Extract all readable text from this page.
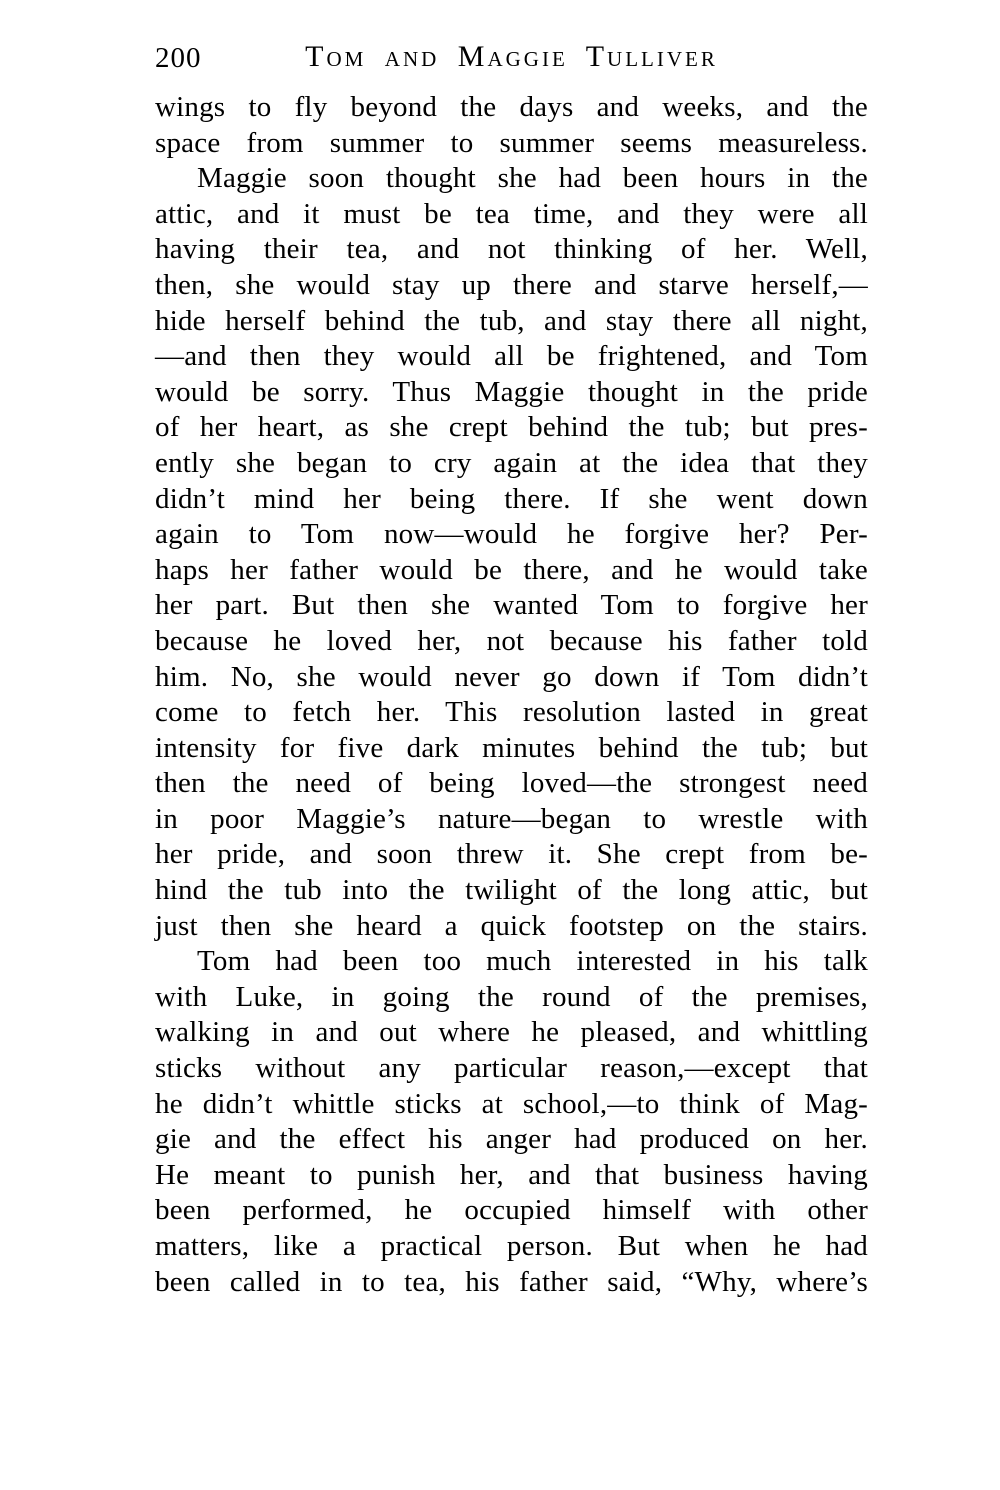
200	Tom and Maggie Tulliver
wings to fly beyond the days and weeks, and the
space from summer to summer seems measureless.
Maggie soon thought she had been hours in the
attic, and it must be tea time, and they were all
having their tea, and not thinking of her. Well,
then, she would stay up there and starve herself,—
hide herself behind the tub, and stay there all night,
—and then they would all be frightened, and Tom
would be sorry. Thus Maggie thought in the pride
of her heart, as she crept behind the tub; but pres-
ently she began to cry again at the idea that they
didn’t mind her being there. If she went down
again to Tom now—would he forgive her? Per-
haps her father would be there, and he would take
her part. But then she wanted Tom to forgive her
because he loved her, not because his father told
him. No, she would never go down if Tom didn’t
come to fetch her. This resolution lasted in great
intensity for five dark minutes behind the tub; but
then the need of being loved—the strongest need
in poor Maggie’s nature—began to wrestle with
her pride, and soon threw it. She crept from be-
hind the tub into the twilight of the long attic, but
just then she heard a quick footstep on the stairs.
Tom had been too much interested in his talk
with Luke, in going the round of the premises,
walking in and out where he pleased, and whittling
sticks without any particular reason,—except that
he didn’t whittle sticks at school,—to think of Mag-
gie and the effect his anger had produced on her.
He meant to punish her, and that business having
been performed, he occupied himself with other
matters, like a practical person. But when he had
been called in to tea, his father said, “Why, where’s
